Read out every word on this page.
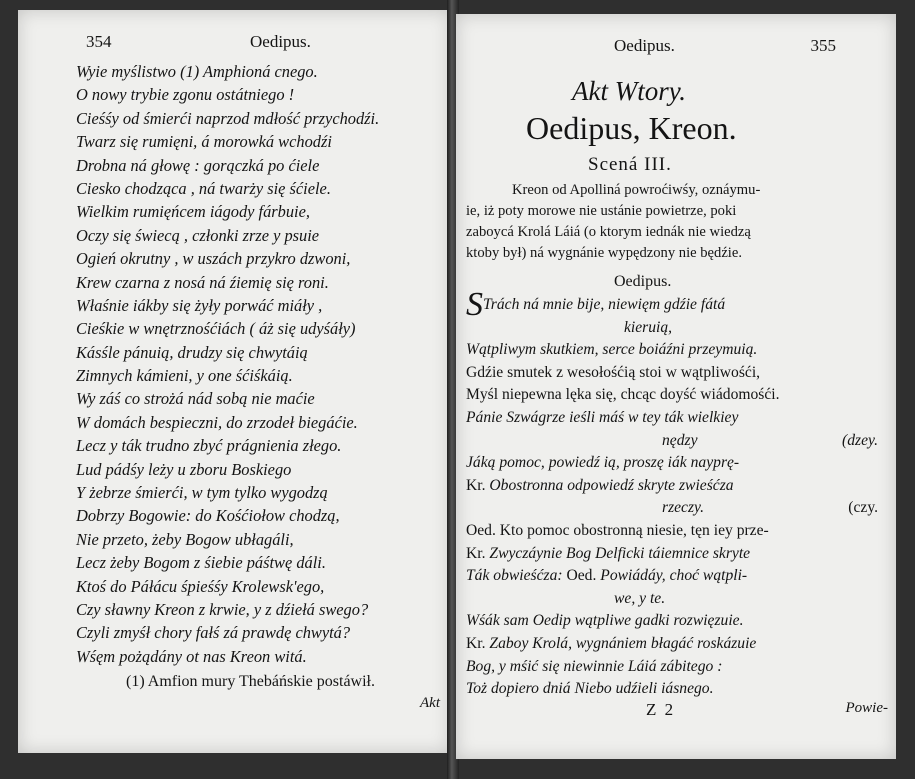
354	Oedipus.
Wyie myślistwo (1) Amphioná cnego.
O nowy trybie zgonu ostátniego !
Cieśśy od śmierći naprzod mdłość przychodźi.
Twarz się rumięni, á morowká wchodźi
Drobna ná głowę : gorączká po ćiele
Ciesko chodząca , ná twarży się śćiele.
Wielkim rumięńcem iágody fárbuie,
Oczy się świecą , członki zrze y psuie
Ogień okrutny , w uszách przykro dzwoni,
Krew czarna z nosá ná źiemię się roni.
Właśnie iákby się żyły porwáć miáły ,
Cieśkie w wnętrznośćiách ( áż się udyśáły)
Kásśle pánuią, drudzy się chwytáią
Zimnych kámieni, y one śćiśkáią.
Wy záś co strożá nád sobą nie maćie
W domách bespieczni, do zrzodeł biegáćie.
Lecz y ták trudno zbyć prágnienia złego.
Lud pádśy leży u zboru Boskiego
Y żebrze śmierći, w tym tylko wygodzą
Dobrzy Bogowie: do Kośćiołow chodzą,
Nie przeto, żeby Bogow ubłagáli,
Lecz żeby Bogom z śiebie páśtwę dáli.
Ktoś do Páłácu śpieśśy Krolewsk'ego,
Czy sławny Kreon z krwie, y z dźiełá swego?
Czyli zmyśł chory fałś zá prawdę chwytá?
Wśęm pożądány ot nas Kreon witá.
(1) Amfion mury Thebáńskie postáwił.
Akt
Oedipus.	355
Akt Wtory.
Oedipus, Kreon.
Scená III.
Kreon od Apolliná powroćiwśy, oznáymu-
ie, iż poty morowe nie ustánie powietrze, poki
zaboycá Krolá Láiá (o ktorym iednák nie wiedzą
ktoby był) ná wygnánie wypędzony nie będźie.
Oedipus.
STrách ná mnie bije, niewięm gdźie fátá
kieruią,
Wątpliwym skutkiem, serce boiáźni przeymuią.
Gdźie smutek z wesołośćią stoi w wątpliwośći,
Myśl niepewna lęka się, chcąc doyść wiádomośći.
Pánie Szwágrze ieśli máś w tey ták wielkiey
nędzy	(dzey.
Jáką pomoc, powiedź ią, proszę iák nayprę-
Kr. Obostronna odpowiedź skryte zwieśćza
rzeczy.	(czy.
Oed. Kto pomoc obostronną niesie, tęn iey prze-
Kr. Zwyczáynie Bog Delficki táiemnice skryte
Ták obwieśćza: Oed. Powiádáy, choć wątpli-
we, y te.
Wśák sam Oedip wątpliwe gadki rozwięzuie.
Kr. Zaboy Krolá, wygnániem błagáć roskázuie
Bog, y mśić się niewinnie Láiá zábitego :
Toż dopiero dniá Niebo udźieli iásnego.
Z 2	Powie-
